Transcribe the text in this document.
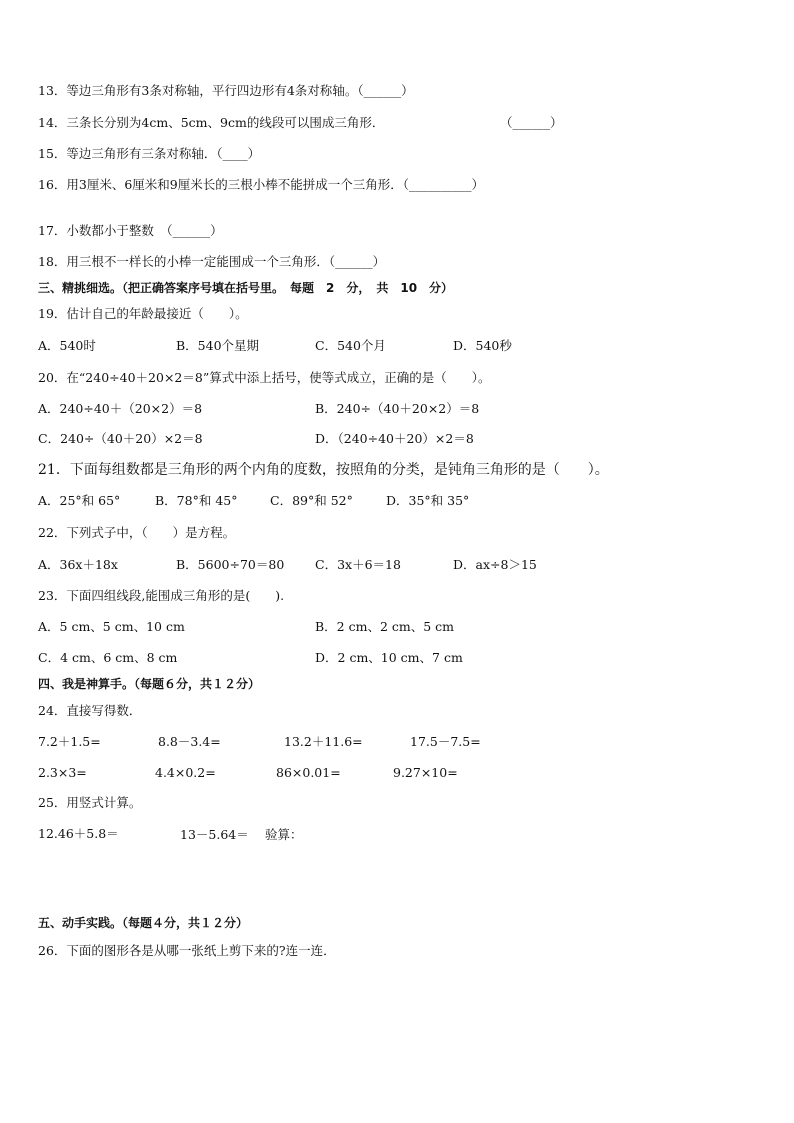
13．等边三角形有3条对称轴，平行四边形有4条对称轴。（______）
14．三条长分别为4cm、5cm、9cm的线段可以围成三角形．	（______）
15．等边三角形有三条对称轴．（____）
16．用3厘米、6厘米和9厘米长的三根小棒不能拼成一个三角形．（__________）
17．小数都小于整数　（______）
18．用三根不一样长的小棒一定能围成一个三角形．（______）
三、精挑细选。（把正确答案序号填在括号里。　每题　2　分，　共　10　分）
19．估计自己的年龄最接近（　　）。
A．540时	B．540个星期	C．540个月	D．540秒
20．在“240÷40＋20×2＝8”算式中添上括号，使等式成立，正确的是（　　）。
A．240÷40＋（20×2）＝8	B．240÷（40＋20×2）＝8
C．240÷（40＋20）×2＝8	D．（240÷40＋20）×2＝8
21．下面每组数都是三角形的两个内角的度数，按照角的分类，是钝角三角形的是（　　）。
A．25°和 65°	B．78°和 45°	C．89°和 52°	D．35°和 35°
22．下列式子中，（　　）是方程。
A．36x＋18x	B．5600÷70＝80 C．3x＋6＝18	D．ax÷8＞15
23．下面四组线段,能围成三角形的是(　　).
A．5 cm、5 cm、10 cm	B．2 cm、2 cm、5 cm
C．4 cm、6 cm、8 cm	D．2 cm、10 cm、7 cm
四、我是神算手。（每题６分，共１２分）
24．直接写得数．
7.2＋1.5=	8.8－3.4=	13.2＋11.6=	17.5－7.5=
2.3×3=	4.4×0.2=	86×0.01=	9.27×10=
25．用竖式计算。
12.46＋5.8＝	13－5.64＝ 验算：
五、动手实践。（每题４分，共１２分）
26．下面的图形各是从哪一张纸上剪下来的?连一连．
